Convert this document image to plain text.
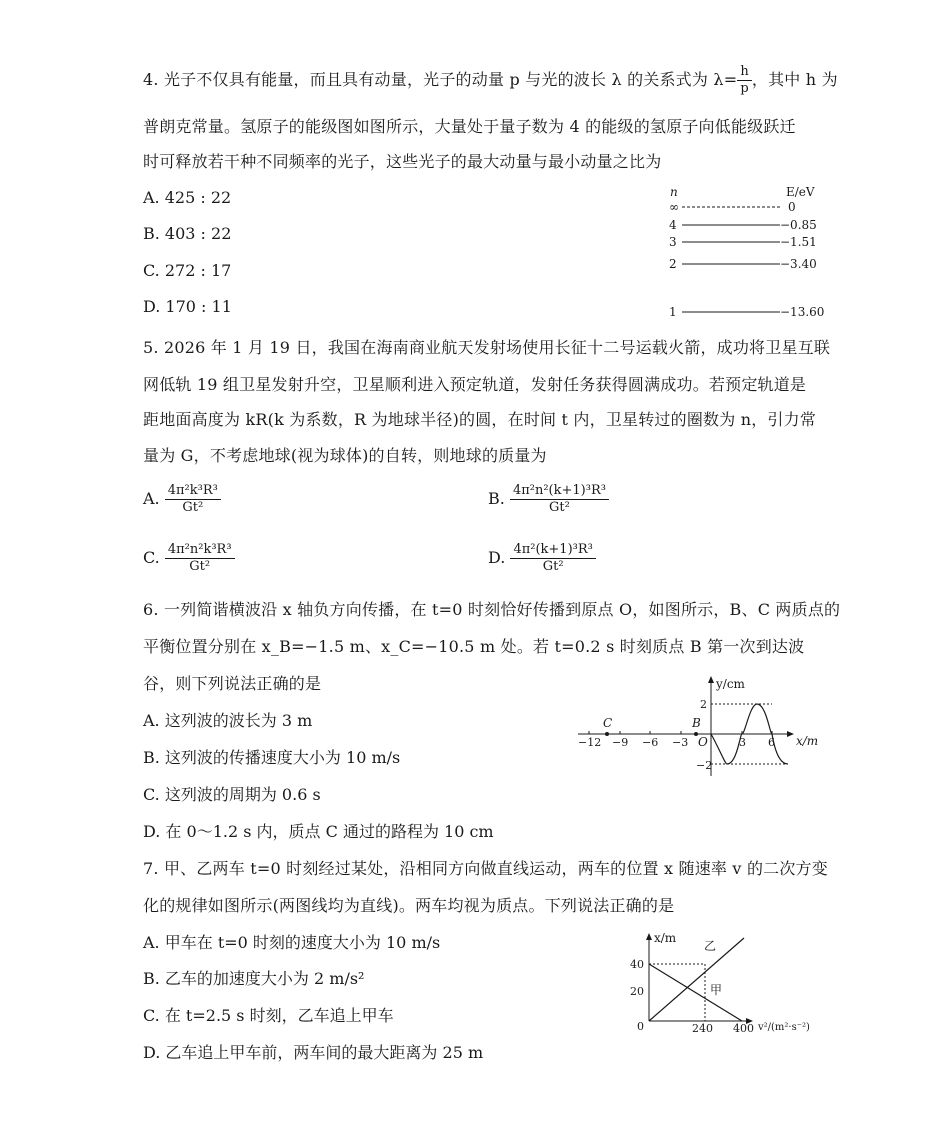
4. 光子不仅具有能量，而且具有动量，光子的动量 p 与光的波长 λ 的关系式为 $\lambda= \frac{h}{p}$ ，其中 h 为
普朗克常量。氢原子的能级图如图所示，大量处于量子数为 4 的能级的氢原子向低能级跃迁
时可释放若干种不同频率的光子，这些光子的最大动量与最小动量之比为
A. 425 : 22
B. 403 : 22
C. 272 : 17
D. 170 : 11
n	E/eV
∞	0
4	−0.85
3	−1.51
2	−3.40
1	−13.60
5. 2026 年 1 月 19 日，我国在海南商业航天发射场使用长征十二号运载火箭，成功将卫星互联
网低轨 19 组卫星发射升空，卫星顺利进入预定轨道，发射任务获得圆满成功。若预定轨道是
距地面高度为 kR(k 为系数，R 为地球半径)的圆，在时间 t 内，卫星转过的圈数为 n，引力常
量为 G，不考虑地球(视为球体)的自转，则地球的质量为
A. $\frac{\text{4π²k³R³}}{\text{Gt²}}$	B. $\frac{\text{4π²n²(k+1)³R³}}{\text{Gt²}}$
C. $\frac{\text{4π²n²k³R³}}{\text{Gt²}}$	D. $\frac{\text{4π²(k+1)³R³}}{\text{Gt²}}$
6. 一列简谐横波沿 x 轴负方向传播，在 t=0 时刻恰好传播到原点 O，如图所示，B、C 两质点的
平衡位置分别在 x_B=−1.5 m、x_C=−10.5 m 处。若 t=0.2 s 时刻质点 B 第一次到达波
谷，则下列说法正确的是
A. 这列波的波长为 3 m
B. 这列波的传播速度大小为 10 m/s
C. 这列波的周期为 0.6 s
D. 在 0～1.2 s 内，质点 C 通过的路程为 10 cm
y/cm
x/m
−12 −9 −6 −3	3 6
O
2
−2
C	B
7. 甲、乙两车 t=0 时刻经过某处，沿相同方向做直线运动，两车的位置 x 随速率 v 的二次方变
化的规律如图所示(两图线均为直线)。两车均视为质点。下列说法正确的是
A. 甲车在 t=0 时刻的速度大小为 10 m/s
B. 乙车的加速度大小为 2 m/s²
C. 在 t=2.5 s 时刻，乙车追上甲车
D. 乙车追上甲车前，两车间的最大距离为 25 m
x/m
v²/(m²·s⁻²)
0
40
20
240 400
乙
甲
